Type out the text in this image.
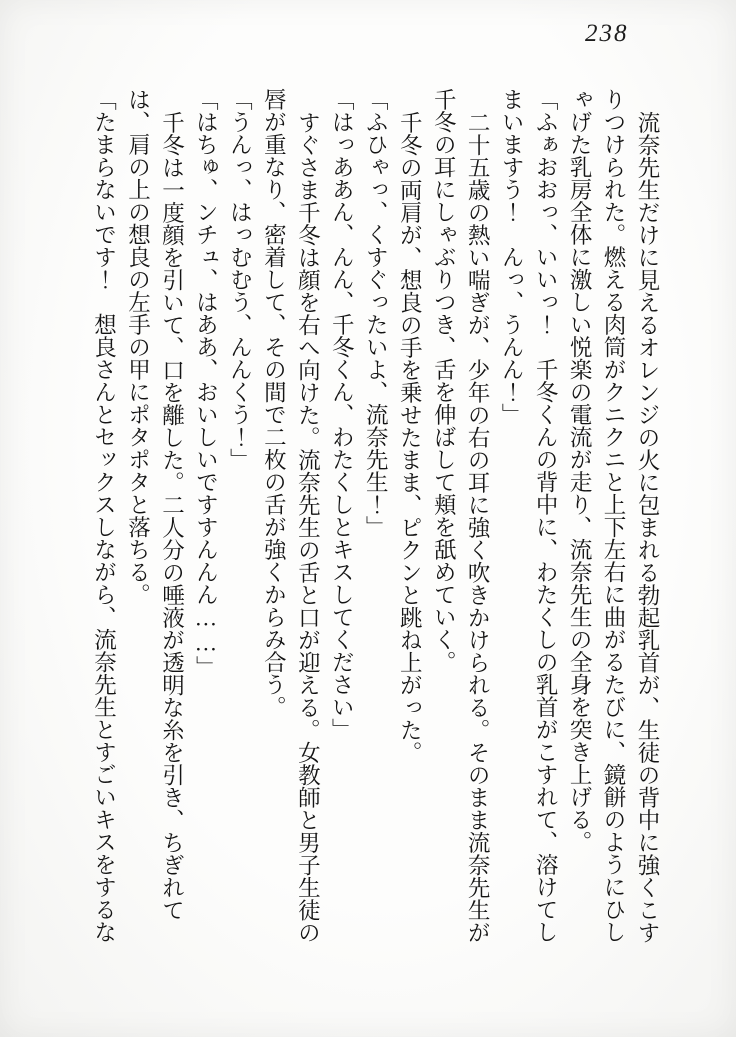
238

流奈先生だけに見えるオレンジの火に包まれる勃起乳首が、生徒の背中に強くこすりつけられた。燃える肉筒がクニクニと上下左右に曲がるたびに、鏡餅のようにひしゃげた乳房全体に激しい悦楽の電流が走り、流奈先生の全身を突き上げる。

「ふぁおおっ、いいっ！　千冬くんの背中に、わたくしの乳首がこすれて、溶けてしまいますう！　んっ、うんん！」

二十五歳の熱い喘ぎが、少年の右の耳に強く吹きかけられる。そのまま流奈先生が千冬の耳にしゃぶりつき、舌を伸ばして頬を舐めていく。

千冬の両肩が、想良の手を乗せたまま、ピクンと跳ね上がった。

「ふひゃっ、くすぐったいよ、流奈先生！」

「はっああん、んん、千冬くん、わたくしとキスしてください」

すぐさま千冬は顔を右へ向けた。流奈先生の舌と口が迎える。女教師と男子生徒の唇が重なり、密着して、その間で二枚の舌が強くからみ合う。

「うんっ、はっむむう、んんくう！」

「はちゅ、ンチュ、はああ、おいしいですすんんん……」

千冬は一度顔を引いて、口を離した。二人分の唾液が透明な糸を引き、ちぎれては、肩の上の想良の左手の甲にポタポタと落ちる。

「たまらないです！　想良さんとセックスしながら、流奈先生とすごいキスをするな
